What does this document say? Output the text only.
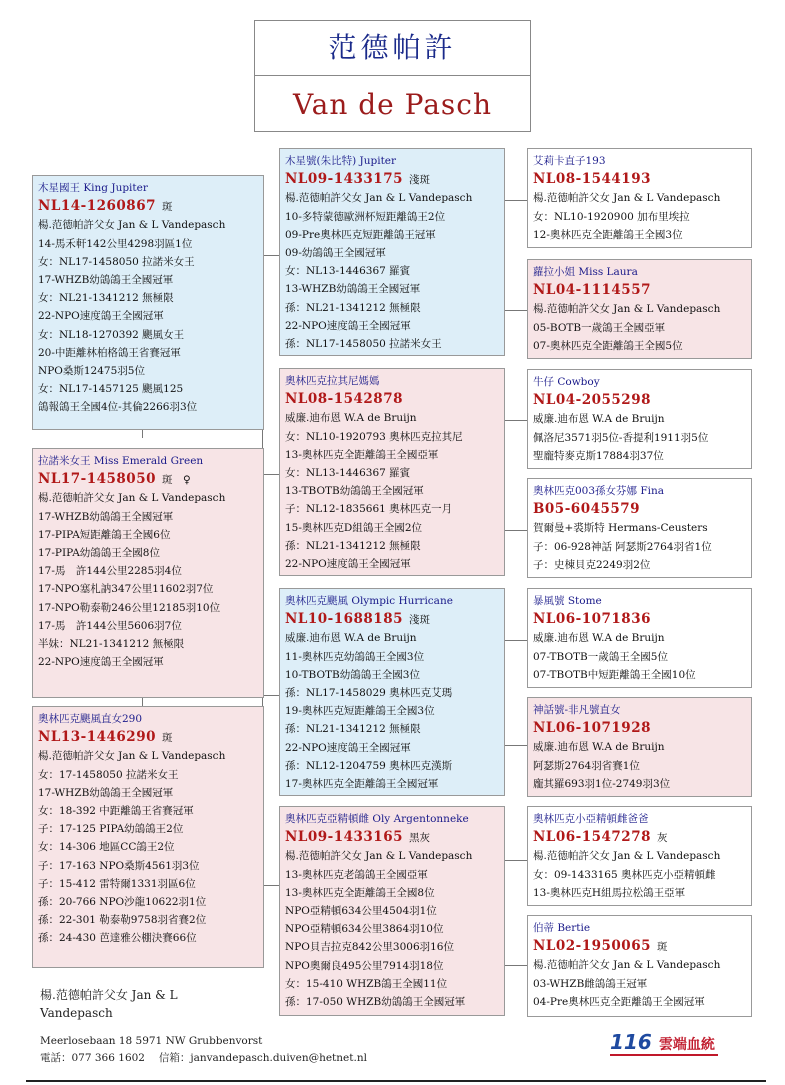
范德帕許
Van de Pasch
木星國王 King Jupiter
NL14-1260867 斑
楊.范德帕許父女 Jan & L Vandepasch
14-馬禾軒142公里4298羽區1位
女：NL17-1458050 拉諾米女王
17-WHZB幼鴿鴿王全國冠軍
女：NL21-1341212 無極限
22-NPO速度鴿王全國冠軍
女：NL18-1270392 颶風女王
20-中距離林柏格鴿王省賽冠軍
NPO桑斯12475羽5位
女：NL17-1457125 颶風125
鴿報鴿王全國4位-其倫2266羽3位
拉諾米女王 Miss Emerald Green
NL17-1458050 斑　♀
楊.范德帕許父女 Jan & L Vandepasch
17-WHZB幼鴿鴿王全國冠軍
17-PIPA短距離鴿王全國6位
17-PIPA幼鴿鴿王全國8位
17-馬　許144公里2285羽4位
17-NPO塞札訥347公里11602羽7位
17-NPO勒泰勒246公里12185羽10位
17-馬　許144公里5606羽7位
半妹：NL21-1341212 無極限
22-NPO速度鴿王全國冠軍
奧林匹克颶風直女290
NL13-1446290 斑
楊.范德帕許父女 Jan & L Vandepasch
女：17-1458050 拉諾米女王
17-WHZB幼鴿鴿王全國冠軍
女：18-392 中距離鴿王省賽冠軍
子：17-125 PIPA幼鴿鴿王2位
女：14-306 地區CC鴿王2位
子：17-163 NPO桑斯4561羽3位
子：15-412 雷特爾1331羽區6位
孫：20-766 NPO沙龍10622羽1位
孫：22-301 勒泰勒9758羽省賽2位
孫：24-430 芭達雅公棚決賽66位
木星號(朱比特) Jupiter
NL09-1433175 淺斑
楊.范德帕許父女 Jan & L Vandepasch
10-多特蒙德歐洲杯短距離鴿王2位
09-Pre奧林匹克短距離鴿王冠軍
09-幼鴿鴿王全國冠軍
女：NL13-1446367 羅賓
13-WHZB幼鴿鴿王全國冠軍
孫：NL21-1341212 無極限
22-NPO速度鴿王全國冠軍
孫：NL17-1458050 拉諾米女王
奧林匹克拉其尼媽媽
NL08-1542878
威廉.迪布恩 W.A de Bruijn
女：NL10-1920793 奧林匹克拉其尼
13-奧林匹克全距離鴿王全國亞軍
女：NL13-1446367 羅賓
13-TBOTB幼鴿鴿王全國冠軍
子：NL12-1835661 奧林匹克一月
15-奧林匹克D組鴿王全國2位
孫：NL21-1341212 無極限
22-NPO速度鴿王全國冠軍
奧林匹克颶風 Olympic Hurricane
NL10-1688185 淺斑
威廉.迪布恩 W.A de Bruijn
11-奧林匹克幼鴿鴿王全國3位
10-TBOTB幼鴿鴿王全國3位
孫：NL17-1458029 奧林匹克艾瑪
19-奧林匹克短距離鴿王全國3位
孫：NL21-1341212 無極限
22-NPO速度鴿王全國冠軍
孫：NL12-1204759 奧林匹克漢斯
17-奧林匹克全距離鴿王全國冠軍
奧林匹克亞精頓雌 Oly Argentonneke
NL09-1433165 黑灰
楊.范德帕許父女 Jan & L Vandepasch
13-奧林匹克老鴿鴿王全國亞軍
13-奧林匹克全距離鴿王全國8位
NPO亞精頓634公里4504羽1位
NPO亞精頓634公里3864羽10位
NPO貝吉拉克842公里3006羽16位
NPO奧爾良495公里7914羽18位
女：15-410 WHZB鴿王全國11位
孫：17-050 WHZB幼鴿鴿王全國冠軍
艾莉卡直子193
NL08-1544193
楊.范德帕許父女 Jan & L Vandepasch
女：NL10-1920900 加布里埃拉
12-奧林匹克全距離鴿王全國3位
蘿拉小姐 Miss Laura
NL04-1114557
楊.范德帕許父女 Jan & L Vandepasch
05-BOTB一歲鴿王全國亞軍
07-奧林匹克全距離鴿王全國5位
牛仔 Cowboy
NL04-2055298
威廉.迪布恩 W.A de Bruijn
佩洛尼3571羽5位-香提利1911羽5位
聖龐特麥克斯17884羽37位
奧林匹克003孫女芬娜 Fina
B05-6045579
賀爾曼+裘斯特 Hermans-Ceusters
子：06-928神話 阿瑟斯2764羽省1位
子：史棟貝克2249羽2位
暴風號 Stome
NL06-1071836
威廉.迪布恩 W.A de Bruijn
07-TBOTB一歲鴿王全國5位
07-TBOTB中短距離鴿王全國10位
神話號-非凡號直女
NL06-1071928
威廉.迪布恩 W.A de Bruijn
阿瑟斯2764羽省賽1位
龐其羅693羽1位-2749羽3位
奧林匹克小亞精頓雌爸爸
NL06-1547278 灰
楊.范德帕許父女 Jan & L Vandepasch
女：09-1433165 奧林匹克小亞精頓雌
13-奧林匹克H組馬拉松鴿王亞軍
伯蒂 Bertie
NL02-1950065 斑
楊.范德帕許父女 Jan & L Vandepasch
03-WHZB雌鴿鴿王冠軍
04-Pre奧林匹克全距離鴿王全國冠軍
楊.范德帕許父女 Jan & L Vandepasch
Meerlosebaan 18 5971 NW Grubbenvorst
電話：077 366 1602　 信箱：janvandepasch.duiven@hetnet.nl
116 雲端血統
